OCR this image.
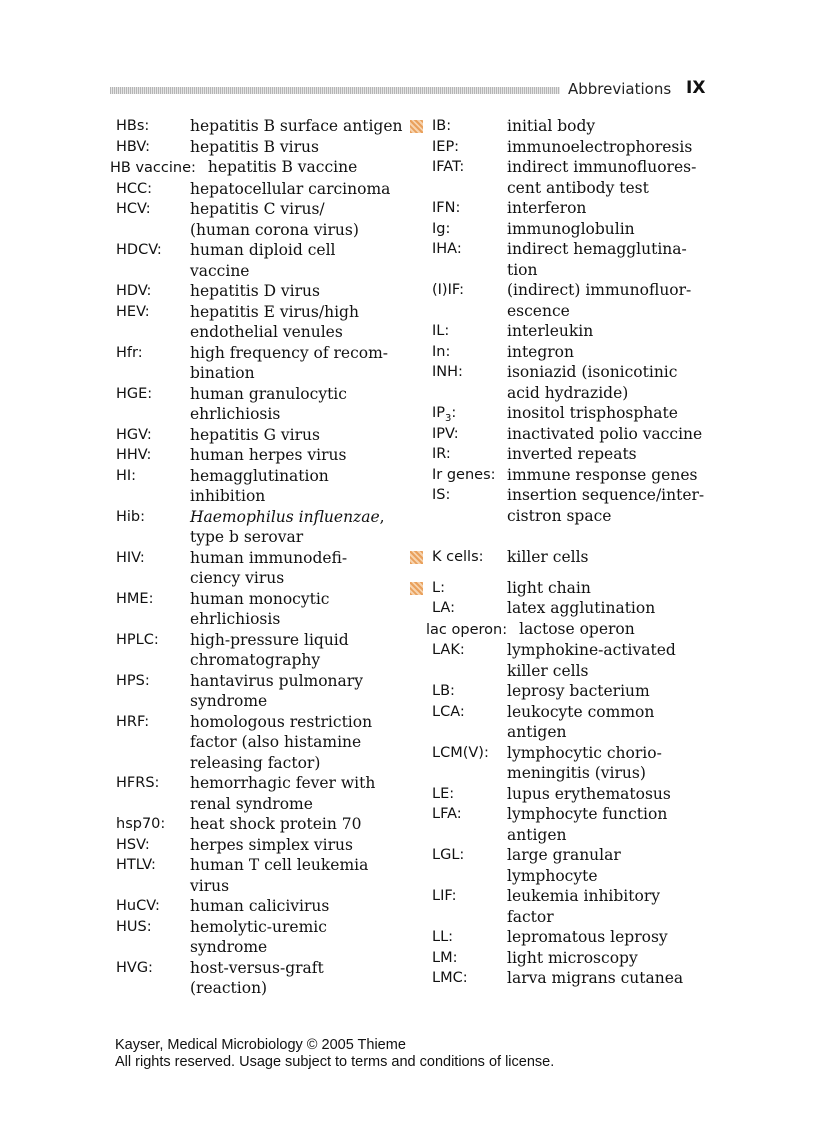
Abbreviations IX
HBs:	hepatitis B surface antigen
HBV:	hepatitis B virus
HB vaccine: hepatitis B vaccine
HCC: hepatocellular carcinoma
HCV:	hepatitis C virus/
(human corona virus)
HDCV: human diploid cell
vaccine
HDV: hepatitis D virus
HEV:	hepatitis E virus/high
endothelial venules
Hfr:	high frequency of recom-
bination
HGE: human granulocytic
ehrlichiosis
HGV: hepatitis G virus
HHV: human herpes virus
HI:	hemagglutination
inhibition
Hib:	Haemophilus influenzae,
type b serovar
HIV:	human immunodefi-
ciency virus
HME: human monocytic
ehrlichiosis
HPLC: high-pressure liquid
chromatography
HPS:	hantavirus pulmonary
syndrome
HRF:	homologous restriction
factor (also histamine
releasing factor)
HFRS: hemorrhagic fever with
renal syndrome
hsp70: heat shock protein 70
HSV:	herpes simplex virus
HTLV: human T cell leukemia
virus
HuCV: human calicivirus
HUS: hemolytic-uremic
syndrome
HVG: host-versus-graft
(reaction)
IB:	initial body
IEP:	immunoelectrophoresis
IFAT:	indirect immunofluores-
cent antibody test
IFN:	interferon
Ig:	immunoglobulin
IHA:	indirect hemagglutina-
tion
(I)IF:	(indirect) immunofluor-
escence
IL:	interleukin
In:	integron
INH:	isoniazid (isonicotinic
acid hydrazide)
$IP_3$:	inositol trisphosphate
IPV:	inactivated polio vaccine
IR:	inverted repeats
Ir genes: immune response genes
IS:	insertion sequence/inter-
cistron space
K cells: killer cells
L:	light chain
LA:	latex agglutination
lac operon: lactose operon
LAK:	lymphokine-activated
killer cells
LB:	leprosy bacterium
LCA:	leukocyte common
antigen
LCM(V): lymphocytic chorio-
meningitis (virus)
LE:	lupus erythematosus
LFA:	lymphocyte function
antigen
LGL:	large granular
lymphocyte
LIF:	leukemia inhibitory
factor
LL:	lepromatous leprosy
LM:	light microscopy
LMC:	larva migrans cutanea
Kayser, Medical Microbiology © 2005 Thieme
All rights reserved. Usage subject to terms and conditions of license.
